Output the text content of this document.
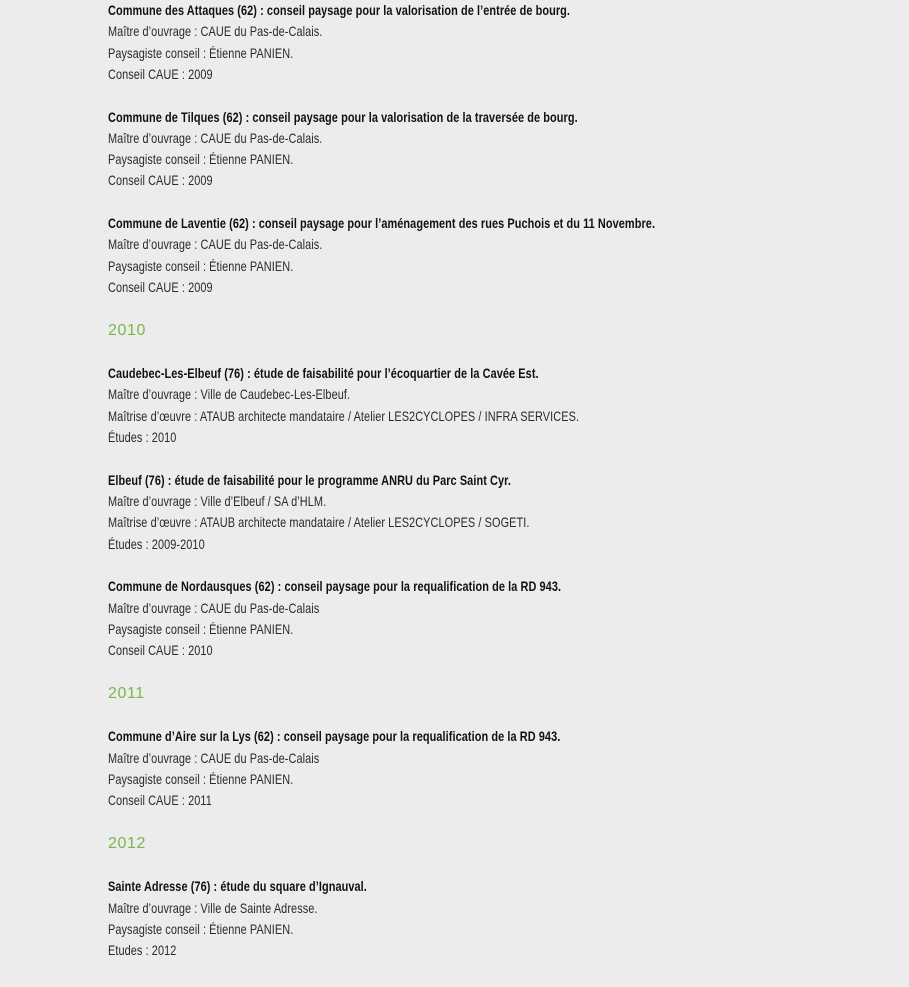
Commune des Attaques (62) : conseil paysage pour la valorisation de l’entrée de bourg.
Maître d’ouvrage : CAUE du Pas-de-Calais.
Paysagiste conseil : Étienne PANIEN.
Conseil CAUE : 2009
Commune de Tilques (62) : conseil paysage pour la valorisation de la traversée de bourg.
Maître d’ouvrage : CAUE du Pas-de-Calais.
Paysagiste conseil : Étienne PANIEN.
Conseil CAUE : 2009
Commune de Laventie (62) : conseil paysage pour l’aménagement des rues Puchois et du 11 Novembre.
Maître d’ouvrage : CAUE du Pas-de-Calais.
Paysagiste conseil : Étienne PANIEN.
Conseil CAUE : 2009
2010
Caudebec-Les-Elbeuf (76) : étude de faisabilité pour l’écoquartier de la Cavée Est.
Maître d’ouvrage : Ville de Caudebec-Les-Elbeuf.
Maîtrise d’œuvre : ATAUB architecte mandataire / Atelier LES2CYCLOPES / INFRA SERVICES.
Études : 2010
Elbeuf (76) : étude de faisabilité pour le programme ANRU du Parc Saint Cyr.
Maître d’ouvrage : Ville d’Elbeuf / SA d’HLM.
Maîtrise d’œuvre : ATAUB architecte mandataire / Atelier LES2CYCLOPES / SOGETI.
Études : 2009-2010
Commune de Nordausques (62) : conseil paysage pour la requalification de la RD 943.
Maître d’ouvrage : CAUE du Pas-de-Calais
Paysagiste conseil : Étienne PANIEN.
Conseil CAUE : 2010
2011
Commune d’Aire sur la Lys (62) : conseil paysage pour la requalification de la RD 943.
Maître d’ouvrage : CAUE du Pas-de-Calais
Paysagiste conseil : Étienne PANIEN.
Conseil CAUE : 2011
2012
Sainte Adresse (76) : étude du square d’Ignauval.
Maître d’ouvrage : Ville de Sainte Adresse.
Paysagiste conseil : Étienne PANIEN.
Etudes : 2012
